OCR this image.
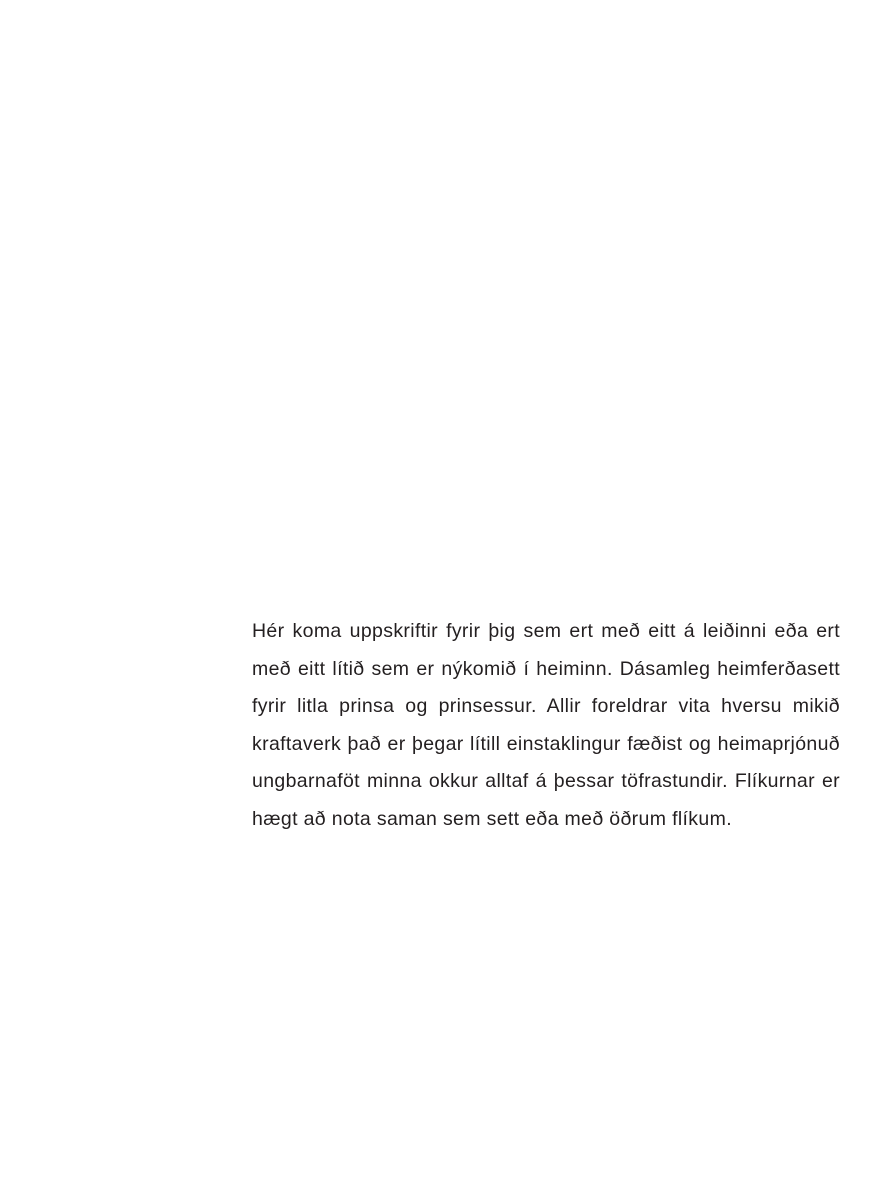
Hér koma uppskriftir fyrir þig sem ert með eitt á leiðinni eða ert með eitt lítið sem er nýkomið í heiminn. Dásamleg heimferðasett fyrir litla prinsa og prinsessur. Allir foreldrar vita hversu mikið kraftaverk það er þegar lítill einstaklingur fæðist og heimaprjónuð ungbarnaföt minna okkur alltaf á þessar töfrastundir. Flíkurnar er hægt að nota saman sem sett eða með öðrum flíkum.
